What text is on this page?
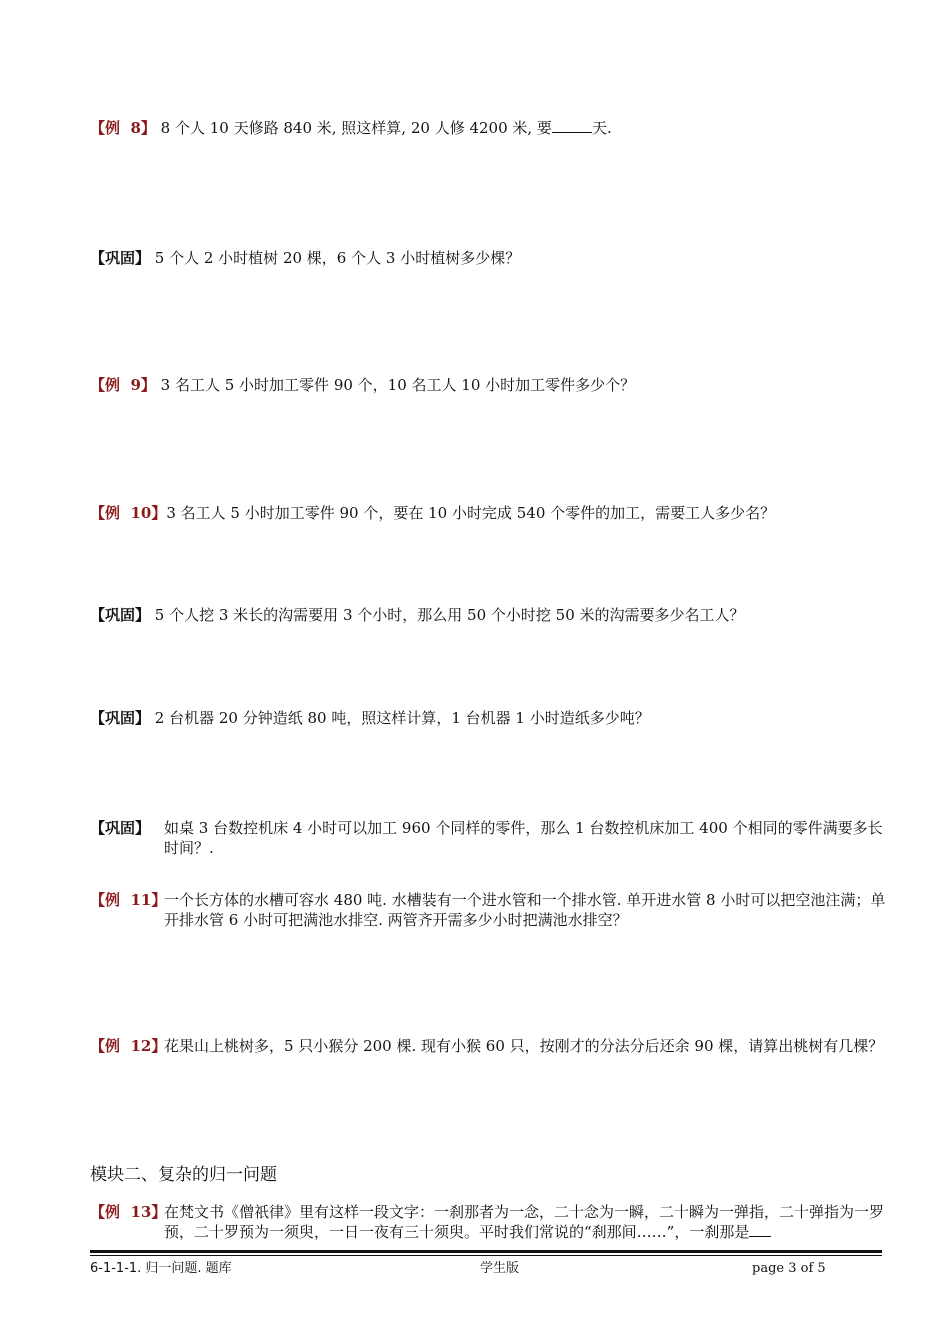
【例  8】 8 个人 10 天修路 840 米, 照这样算, 20 人修 4200 米, 要	天.
【巩固】 5 个人 2 小时植树 20 棵，6 个人 3 小时植树多少棵？
【例  9】 3 名工人 5 小时加工零件 90 个，10 名工人 10 小时加工零件多少个？
【例  10】3 名工人 5 小时加工零件 90 个，要在 10 小时完成 540 个零件的加工，需要工人多少名？
【巩固】 5 个人挖 3 米长的沟需要用 3 个小时，那么用 50 个小时挖 50 米的沟需要多少名工人？
【巩固】 2 台机器 20 分钟造纸 80 吨，照这样计算，1 台机器 1 小时造纸多少吨？
【巩固】 如桌 3 台数控机床 4 小时可以加工 960 个同样的零件，那么 1 台数控机床加工 400 个相同的零件满要多长时间？.
【例  11】
一个长方体的水槽可容水 480 吨. 水槽装有一个进水管和一个排水管. 单开进水管 8 小时可以把空池注满；单开排水管 6 小时可把满池水排空. 两管齐开需多少小时把满池水排空？
【例  12】
花果山上桃树多，5 只小猴分 200 棵. 现有小猴 60 只，按刚才的分法分后还余 90 棵，请算出桃树有几棵？
模块二、复杂的归一问题
【例  13】
在梵文书《僧祇律》里有这样一段文字：一刹那者为一念，二十念为一瞬，二十瞬为一弹指，二十弹指为一罗预，二十罗预为一须臾，一日一夜有三十须臾。平时我们常说的“刹那间……”，一刹那是
6-1-1-1. 归一问题. 题库	学生版	page 3 of 5
